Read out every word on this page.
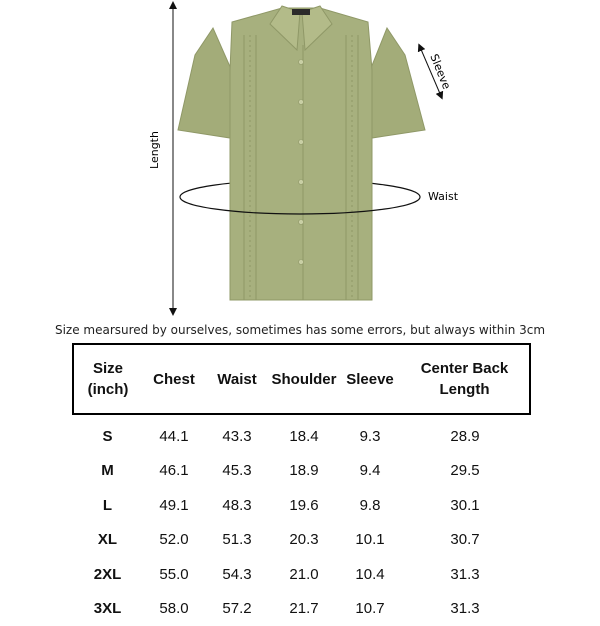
Length
Sleeve
Waist
Size mearsured by ourselves, sometimes has some errors, but always within 3cm
Size
(inch)	Chest	Waist	Shoulder	Sleeve	Center Back
Length
S	44.1	43.3	18.4	9.3	28.9
M	46.1	45.3	18.9	9.4	29.5
L	49.1	48.3	19.6	9.8	30.1
XL	52.0	51.3	20.3	10.1	30.7
2XL	55.0	54.3	21.0	10.4	31.3
3XL	58.0	57.2	21.7	10.7	31.3
